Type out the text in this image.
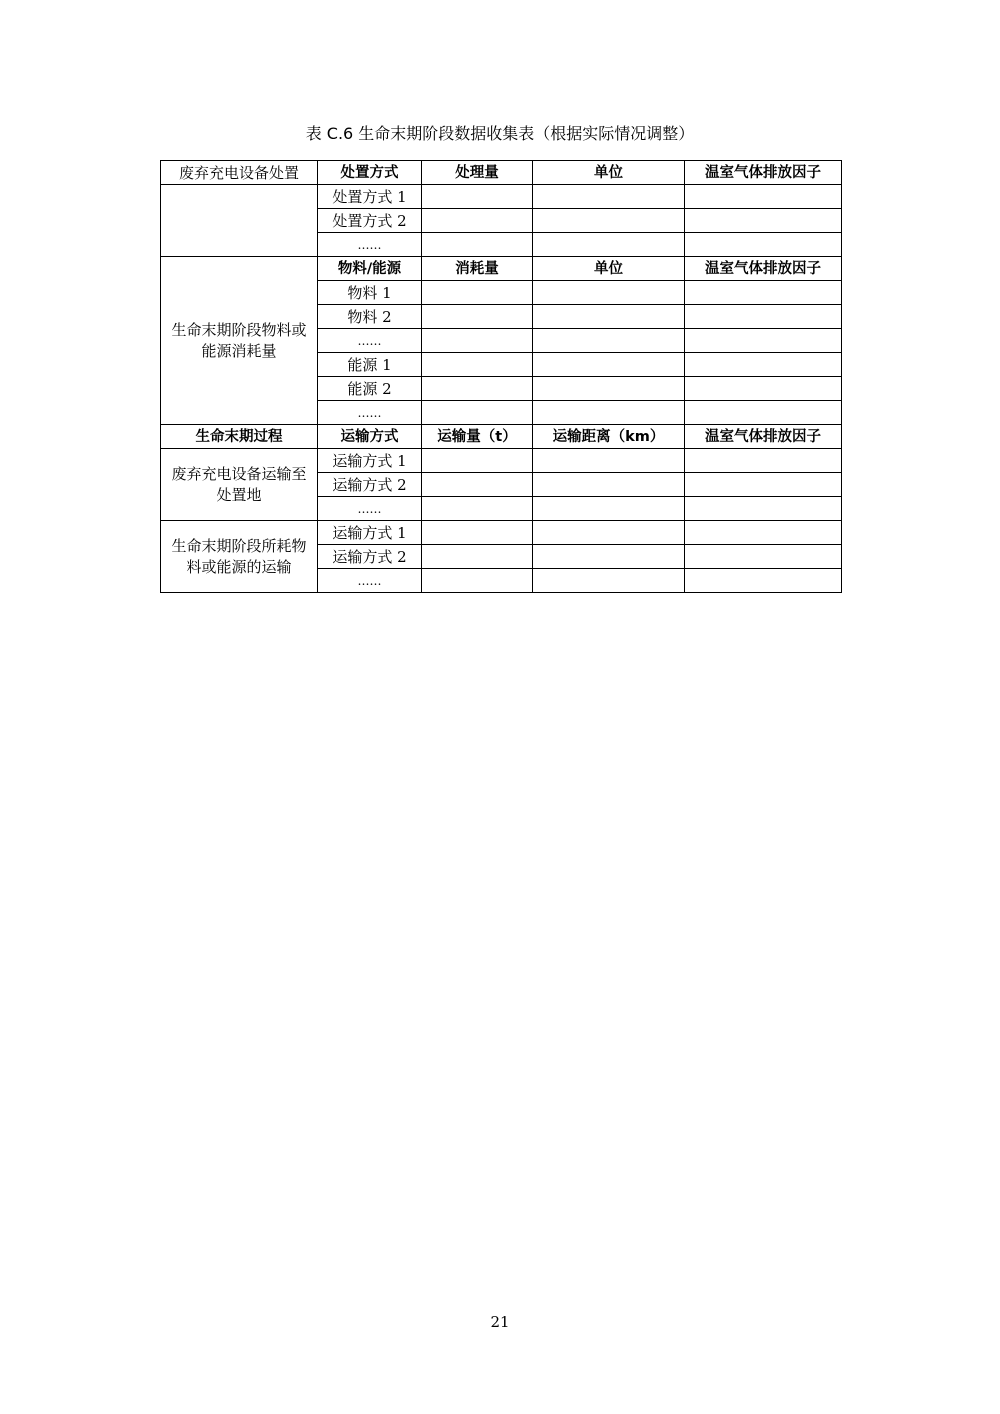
表 C.6 生命末期阶段数据收集表（根据实际情况调整）
废弃充电设备处置	处置方式	处理量	单位	温室气体排放因子
	处置方式 1			
	处置方式 2			
	……			
生命末期阶段物料或能源消耗量	物料/能源	消耗量	单位	温室气体排放因子
	物料 1			
	物料 2			
	……			
	能源 1			
	能源 2			
	……			
生命末期过程	运输方式	运输量（t）	运输距离（km）	温室气体排放因子
废弃充电设备运输至处置地	运输方式 1			
	运输方式 2			
	……			
生命末期阶段所耗物料或能源的运输	运输方式 1			
	运输方式 2			
	……			
21
